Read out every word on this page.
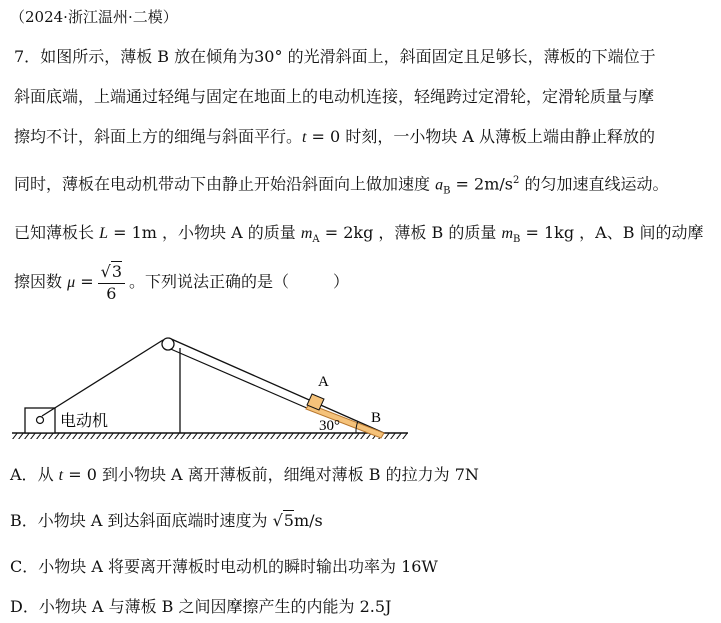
（2024·浙江温州·二模）
7．如图所示，薄板 B 放在倾角为30° 的光滑斜面上，斜面固定且足够长，薄板的下端位于
斜面底端，上端通过轻绳与固定在地面上的电动机连接，轻绳跨过定滑轮，定滑轮质量与摩
擦均不计，斜面上方的细绳与斜面平行。t = 0 时刻，一小物块 A 从薄板上端由静止释放的
同时，薄板在电动机带动下由静止开始沿斜面向上做加速度 $a_B = 2m/s^2$ 的匀加速直线运动。
已知薄板长 L = 1m ，小物块 A 的质量 $m_A = 2kg$ ，薄板 B 的质量 $m_B = 1kg$ ，A、B 间的动摩
擦因数 $\mu = \frac{√3}{6}$ 。下列说法正确的是（	）
电动机
A
B
30°
A．从 t = 0 到小物块 A 离开薄板前，细绳对薄板 B 的拉力为 7N
B．小物块 A 到达斜面底端时速度为 √5m/s
C．小物块 A 将要离开薄板时电动机的瞬时输出功率为 16W
D．小物块 A 与薄板 B 之间因摩擦产生的内能为 2.5J
